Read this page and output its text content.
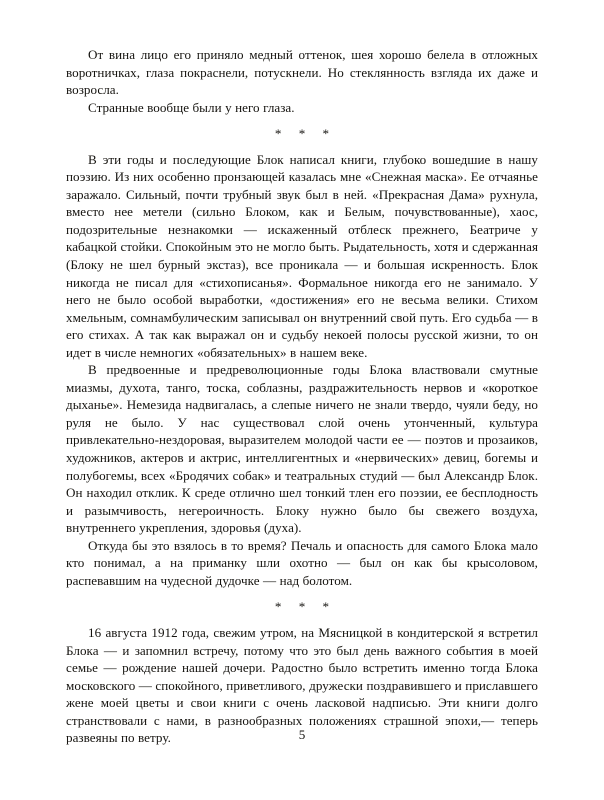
От вина лицо его приняло медный оттенок, шея хорошо белела в отложных воротничках, глаза покраснели, потускнели. Но стеклянность взгляда их даже и возросла.

Странные вообще были у него глаза.

* * *

В эти годы и последующие Блок написал книги, глубоко вошедшие в нашу поэзию. Из них особенно пронзающей казалась мне «Снежная маска». Ее отчаянье заражало. Сильный, почти трубный звук был в ней. «Прекрасная Дама» рухнула, вместо нее метели (сильно Блоком, как и Белым, почувствованные), хаос, подозрительные незнакомки — искаженный отблеск прежнего, Беатриче у кабацкой стойки. Спокойным это не могло быть. Рыдательность, хотя и сдержанная (Блоку не шел бурный экстаз), все проникала — и большая искренность. Блок никогда не писал для «стихописанья». Формальное никогда его не занимало. У него не было особой выработки, «достижения» его не весьма велики. Стихом хмельным, сомнамбулическим записывал он внутренний свой путь. Его судьба — в его стихах. А так как выражал он и судьбу некоей полосы русской жизни, то он идет в числе немногих «обязательных» в нашем веке.

В предвоенные и предреволюционные годы Блока властвовали смутные миазмы, духота, танго, тоска, соблазны, раздражительность нервов и «короткое дыханье». Немезида надвигалась, а слепые ничего не знали твердо, чуяли беду, но руля не было. У нас существовал слой очень утонченный, культура привлекательно-нездоровая, выразителем молодой части ее — поэтов и прозаиков, художников, актеров и актрис, интеллигентных и «нервических» девиц, богемы и полубогемы, всех «Бродячих собак» и театральных студий — был Александр Блок. Он находил отклик. К среде отлично шел тонкий тлен его поэзии, ее бесплодность и разымчивость, негероичность. Блоку нужно было бы свежего воздуха, внутреннего укрепления, здоровья (духа).

Откуда бы это взялось в то время? Печаль и опасность для самого Блока мало кто понимал, а на приманку шли охотно — был он как бы крысоловом, распевавшим на чудесной дудочке — над болотом.

* * *

16 августа 1912 года, свежим утром, на Мясницкой в кондитерской я встретил Блока — и запомнил встречу, потому что это был день важного события в моей семье — рождение нашей дочери. Радостно было встретить именно тогда Блока московского — спокойного, приветливого, дружески поздравившего и приславшего жене моей цветы и свои книги с очень ласковой надписью. Эти книги долго странствовали с нами, в разнообразных положениях страшной эпохи,— теперь развеяны по ветру.	5
